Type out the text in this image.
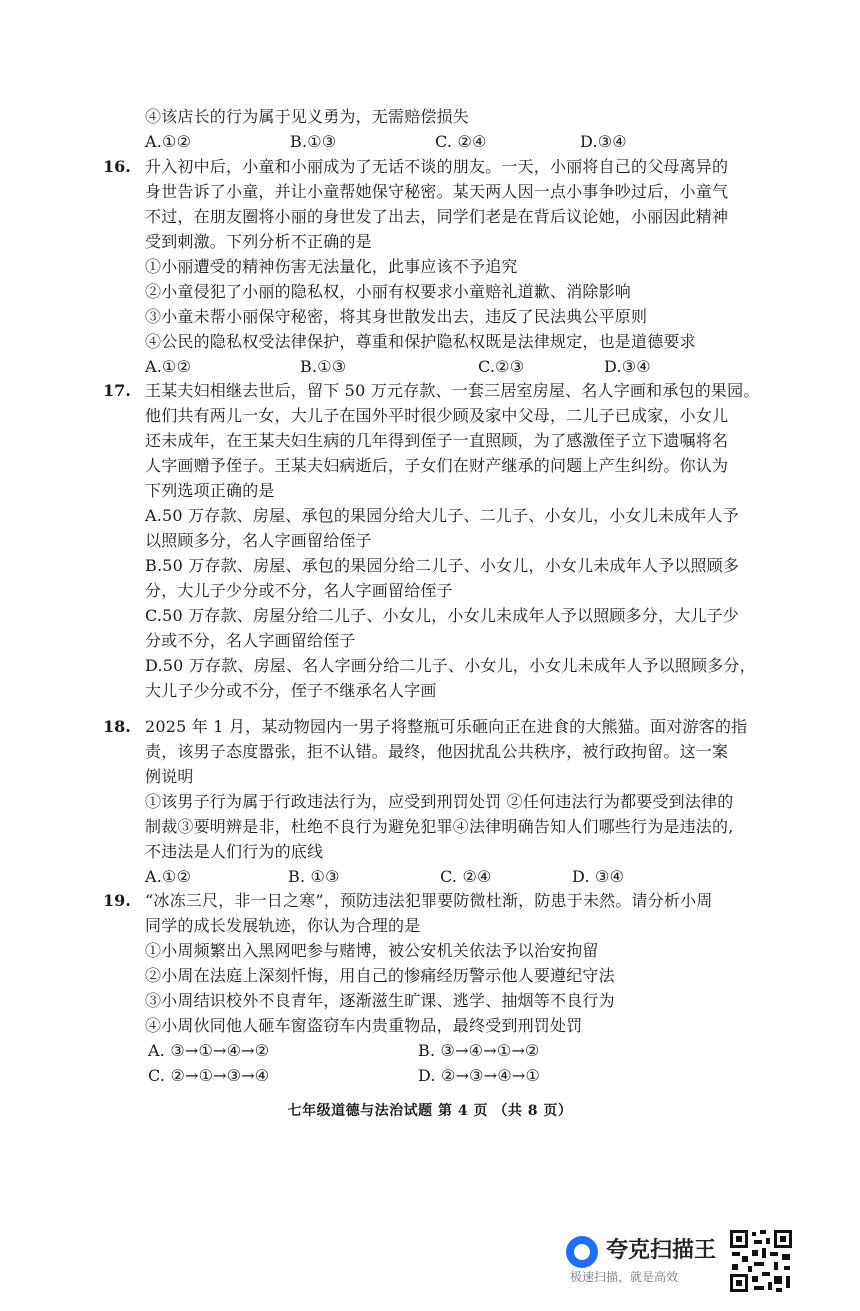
④该店长的行为属于见义勇为，无需赔偿损失
A.①②	B.①③	C. ②④	D.③④
16. 升入初中后，小童和小丽成为了无话不谈的朋友。一天，小丽将自己的父母离异的
身世告诉了小童，并让小童帮她保守秘密。某天两人因一点小事争吵过后，小童气
不过，在朋友圈将小丽的身世发了出去，同学们老是在背后议论她，小丽因此精神
受到刺激。下列分析不正确的是
①小丽遭受的精神伤害无法量化，此事应该不予追究
②小童侵犯了小丽的隐私权，小丽有权要求小童赔礼道歉、消除影响
③小童未帮小丽保守秘密，将其身世散发出去，违反了民法典公平原则
④公民的隐私权受法律保护，尊重和保护隐私权既是法律规定，也是道德要求
A.①②	B.①③	C.②③	D.③④
17. 王某夫妇相继去世后，留下 50 万元存款、一套三居室房屋、名人字画和承包的果园。
他们共有两儿一女，大儿子在国外平时很少顾及家中父母，二儿子已成家，小女儿
还未成年，在王某夫妇生病的几年得到侄子一直照顾，为了感激侄子立下遗嘱将名
人字画赠予侄子。王某夫妇病逝后，子女们在财产继承的问题上产生纠纷。你认为
下列选项正确的是
A.50 万存款、房屋、承包的果园分给大儿子、二儿子、小女儿，小女儿未成年人予
以照顾多分，名人字画留给侄子
B.50 万存款、房屋、承包的果园分给二儿子、小女儿，小女儿未成年人予以照顾多
分，大儿子少分或不分，名人字画留给侄子
C.50 万存款、房屋分给二儿子、小女儿，小女儿未成年人予以照顾多分，大儿子少
分或不分，名人字画留给侄子
D.50 万存款、房屋、名人字画分给二儿子、小女儿，小女儿未成年人予以照顾多分，
大儿子少分或不分，侄子不继承名人字画
18. 2025 年 1 月，某动物园内一男子将整瓶可乐砸向正在进食的大熊猫。面对游客的指
责，该男子态度嚣张，拒不认错。最终，他因扰乱公共秩序，被行政拘留。这一案
例说明
①该男子行为属于行政违法行为，应受到刑罚处罚 ②任何违法行为都要受到法律的
制裁③要明辨是非，杜绝不良行为避免犯罪④法律明确告知人们哪些行为是违法的,
不违法是人们行为的底线
A.①②	B. ①③	C. ②④	D. ③④
19. “冰冻三尺，非一日之寒”，预防违法犯罪要防微杜渐，防患于未然。请分析小周
同学的成长发展轨迹，你认为合理的是
①小周频繁出入黑网吧参与赌博，被公安机关依法予以治安拘留
②小周在法庭上深刻忏悔，用自己的惨痛经历警示他人要遵纪守法
③小周结识校外不良青年，逐渐滋生旷课、逃学、抽烟等不良行为
④小周伙同他人砸车窗盗窃车内贵重物品，最终受到刑罚处罚
A. ③→①→④→②	B. ③→④→①→②
C. ②→①→③→④	D. ②→③→④→①
七年级道德与法治试题 第 4 页 （共 8 页）
夸克扫描王
极速扫描，就是高效
